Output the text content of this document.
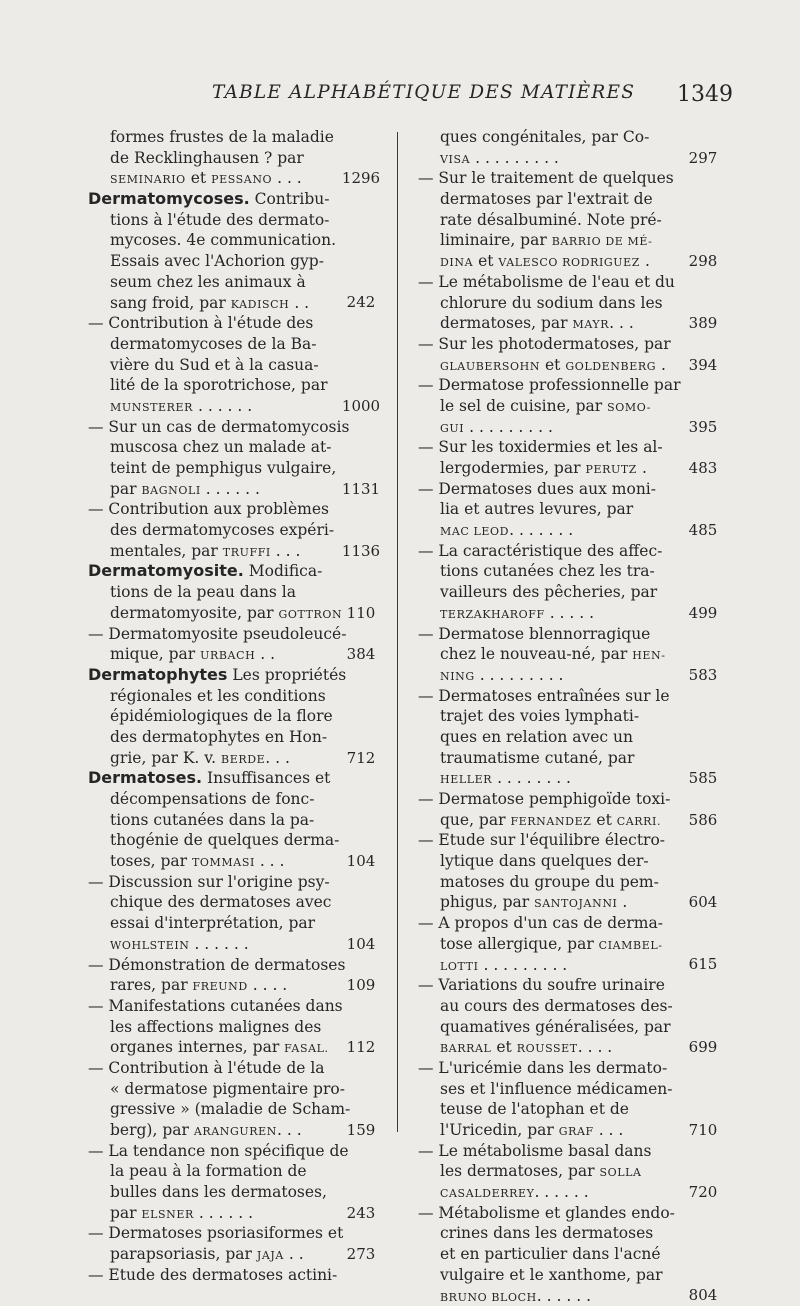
TABLE ALPHABÉTIQUE DES MATIÈRES 1349
formes frustes de la maladie
de Recklinghausen ? par
SEMINARIO et PESSANO . . .	1296
Dermatomycoses. Contribu-
tions à l'étude des dermato-
mycoses. 4e communication.
Essais avec l'Achorion gyp-
seum chez les animaux à
sang froid, par KADISCH . .	242
— Contribution à l'étude des
dermatomycoses de la Ba-
vière du Sud et à la casua-
lité de la sporotrichose, par
MUNSTERER . . . . . .	1000
— Sur un cas de dermatomycosis
muscosa chez un malade at-
teint de pemphigus vulgaire,
par BAGNOLI . . . . . .	1131
— Contribution aux problèmes
des dermatomycoses expéri-
mentales, par TRUFFI . . .	1136
Dermatomyosite. Modifica-
tions de la peau dans la
dermatomyosite, par GOTTRON 110
— Dermatomyosite pseudoleucé-
mique, par URBACH . .	384
Dermatophytes Les propriétés
régionales et les conditions
épidémiologiques de la flore
des dermatophytes en Hon-
grie, par K. v. BERDE. . .	712
Dermatoses. Insuffisances et
décompensations de fonc-
tions cutanées dans la pa-
thogénie de quelques derma-
toses, par TOMMASI . . .	104
— Discussion sur l'origine psy-
chique des dermatoses avec
essai d'interprétation, par
WOHLSTEIN . . . . . .	104
— Démonstration de dermatoses
rares, par FREUND . . . .	109
— Manifestations cutanées dans
les affections malignes des
organes internes, par FASAL.	112
— Contribution à l'étude de la
« dermatose pigmentaire pro-
gressive » (maladie de Scham-
berg), par ARANGUREN. . .	159
— La tendance non spécifique de
la peau à la formation de
bulles dans les dermatoses,
par ELSNER . . . . . .	243
— Dermatoses psoriasiformes et
parapsoriasis, par JAJA . .	273
— Etude des dermatoses actini-
ques congénitales, par Co-
VISA . . . . . . . . .	297
— Sur le traitement de quelques
dermatoses par l'extrait de
rate désalbuminé. Note pré-
liminaire, par BARRIO DE MÉ-
DINA et VALESCO RODRIGUEZ .	298
— Le métabolisme de l'eau et du
chlorure du sodium dans les
dermatoses, par MAYR. . .	389
— Sur les photodermatoses, par
GLAUBERSOHN et GOLDENBERG .	394
— Dermatose professionnelle par
le sel de cuisine, par SOMO-
GUI . . . . . . . . .	395
— Sur les toxidermies et les al-
lergodermies, par PERUTZ .	483
— Dermatoses dues aux moni-
lia et autres levures, par
MAC LEOD. . . . . . .	485
— La caractéristique des affec-
tions cutanées chez les tra-
vailleurs des pêcheries, par
TERZAKHAROFF . . . . .	499
— Dermatose blennorragique
chez le nouveau-né, par HEN-
NING . . . . . . . . .	583
— Dermatoses entraînées sur le
trajet des voies lymphati-
ques en relation avec un
traumatisme cutané, par
HELLER . . . . . . . .	585
— Dermatose pemphigoïde toxi-
que, par FERNANDEZ et CARRI.	586
— Etude sur l'équilibre électro-
lytique dans quelques der-
matoses du groupe du pem-
phigus, par SANTOJANNI .	604
— A propos d'un cas de derma-
tose allergique, par CIAMBEL-
LOTTI . . . . . . . . .	615
— Variations du soufre urinaire
au cours des dermatoses des-
quamatives généralisées, par
BARRAL et ROUSSET. . . .	699
— L'uricémie dans les dermato-
ses et l'influence médicamen-
teuse de l'atophan et de
l'Uricedin, par GRAF . . .	710
— Le métabolisme basal dans
les dermatoses, par SOLLA
CASALDERREY. . . . . .	720
— Métabolisme et glandes endo-
crines dans les dermatoses
et en particulier dans l'acné
vulgaire et le xanthome, par
BRUNO BLOCH. . . . . .	804
